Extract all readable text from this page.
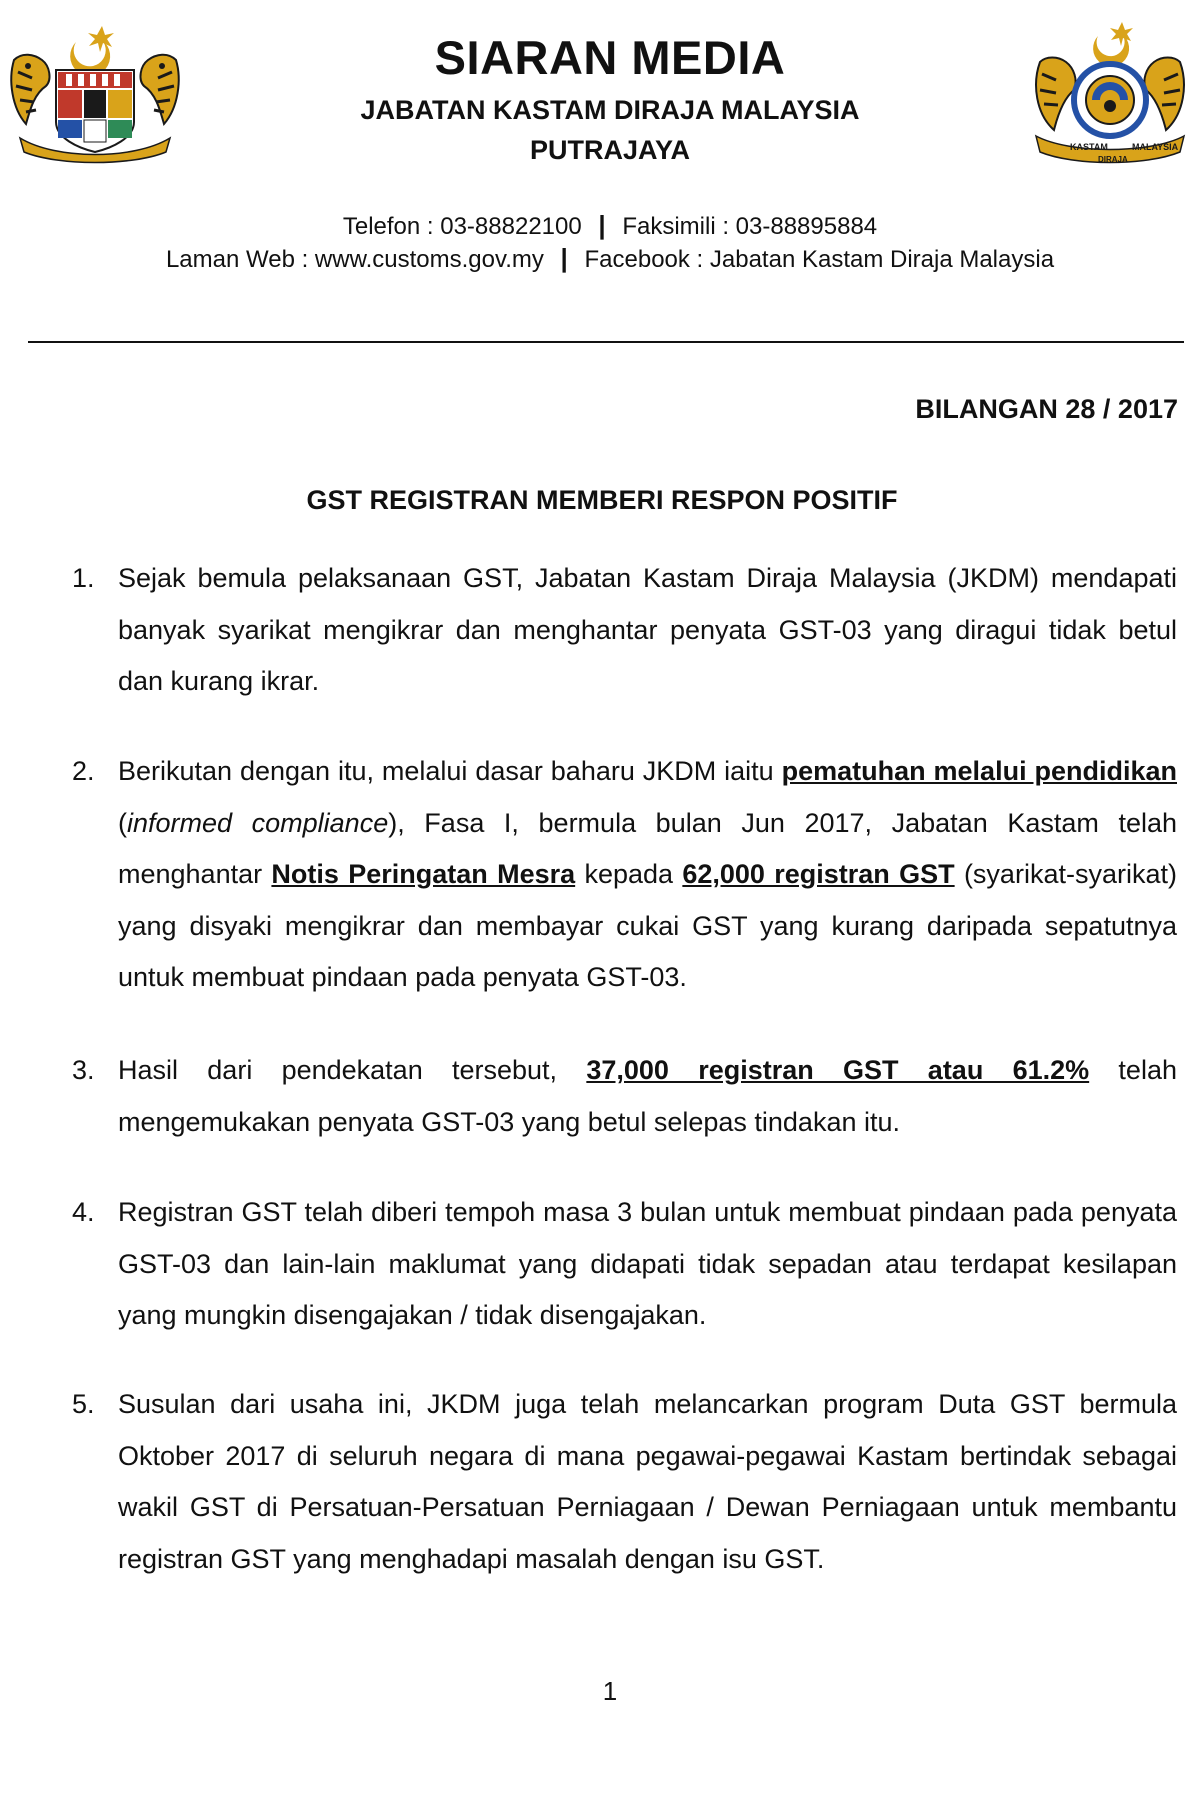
KASTAM	MALAYSIA
DIRAJA
SIARAN MEDIA
JABATAN KASTAM DIRAJA MALAYSIA
PUTRAJAYA
Telefon : 03-88822100 | Faksimili : 03-88895884
Laman Web : www.customs.gov.my | Facebook : Jabatan Kastam Diraja Malaysia
BILANGAN 28 / 2017
GST REGISTRAN MEMBERI RESPON POSITIF
1. Sejak bemula pelaksanaan GST, Jabatan Kastam Diraja Malaysia (JKDM) mendapati banyak syarikat mengikrar dan menghantar penyata GST-03 yang diragui tidak betul dan kurang ikrar.
2. Berikutan dengan itu, melalui dasar baharu JKDM iaitu pematuhan melalui pendidikan (informed compliance), Fasa I, bermula bulan Jun 2017, Jabatan Kastam telah menghantar Notis Peringatan Mesra kepada 62,000 registran GST (syarikat-syarikat) yang disyaki mengikrar dan membayar cukai GST yang kurang daripada sepatutnya untuk membuat pindaan pada penyata GST-03.
3. Hasil dari pendekatan tersebut, 37,000 registran GST atau 61.2% telah mengemukakan penyata GST-03 yang betul selepas tindakan itu.
4. Registran GST telah diberi tempoh masa 3 bulan untuk membuat pindaan pada penyata GST-03 dan lain-lain maklumat yang didapati tidak sepadan atau terdapat kesilapan yang mungkin disengajakan / tidak disengajakan.
5. Susulan dari usaha ini, JKDM juga telah melancarkan program Duta GST bermula Oktober 2017 di seluruh negara di mana pegawai-pegawai Kastam bertindak sebagai wakil GST di Persatuan-Persatuan Perniagaan / Dewan Perniagaan untuk membantu registran GST yang menghadapi masalah dengan isu GST.
1
